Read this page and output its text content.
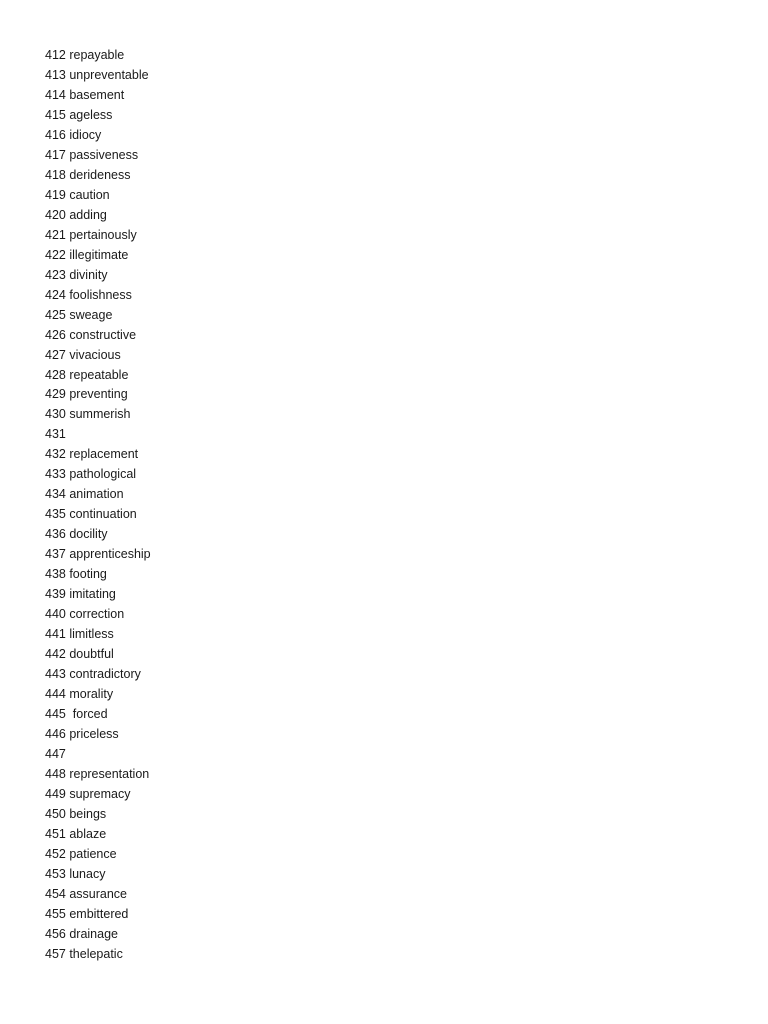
412 repayable
413 unpreventable
414 basement
415 ageless
416 idiocy
417 passiveness
418 derideness
419 caution
420 adding
421 pertainously
422 illegitimate
423 divinity
424 foolishness
425 sweage
426 constructive
427 vivacious
428 repeatable
429 preventing
430 summerish
431
432 replacement
433 pathological
434 animation
435 continuation
436 docility
437 apprenticeship
438 footing
439 imitating
440 correction
441 limitless
442 doubtful
443 contradictory
444 morality
445  forced
446 priceless
447
448 representation
449 supremacy
450 beings
451 ablaze
452 patience
453 lunacy
454 assurance
455 embittered
456 drainage
457 thelepatic
